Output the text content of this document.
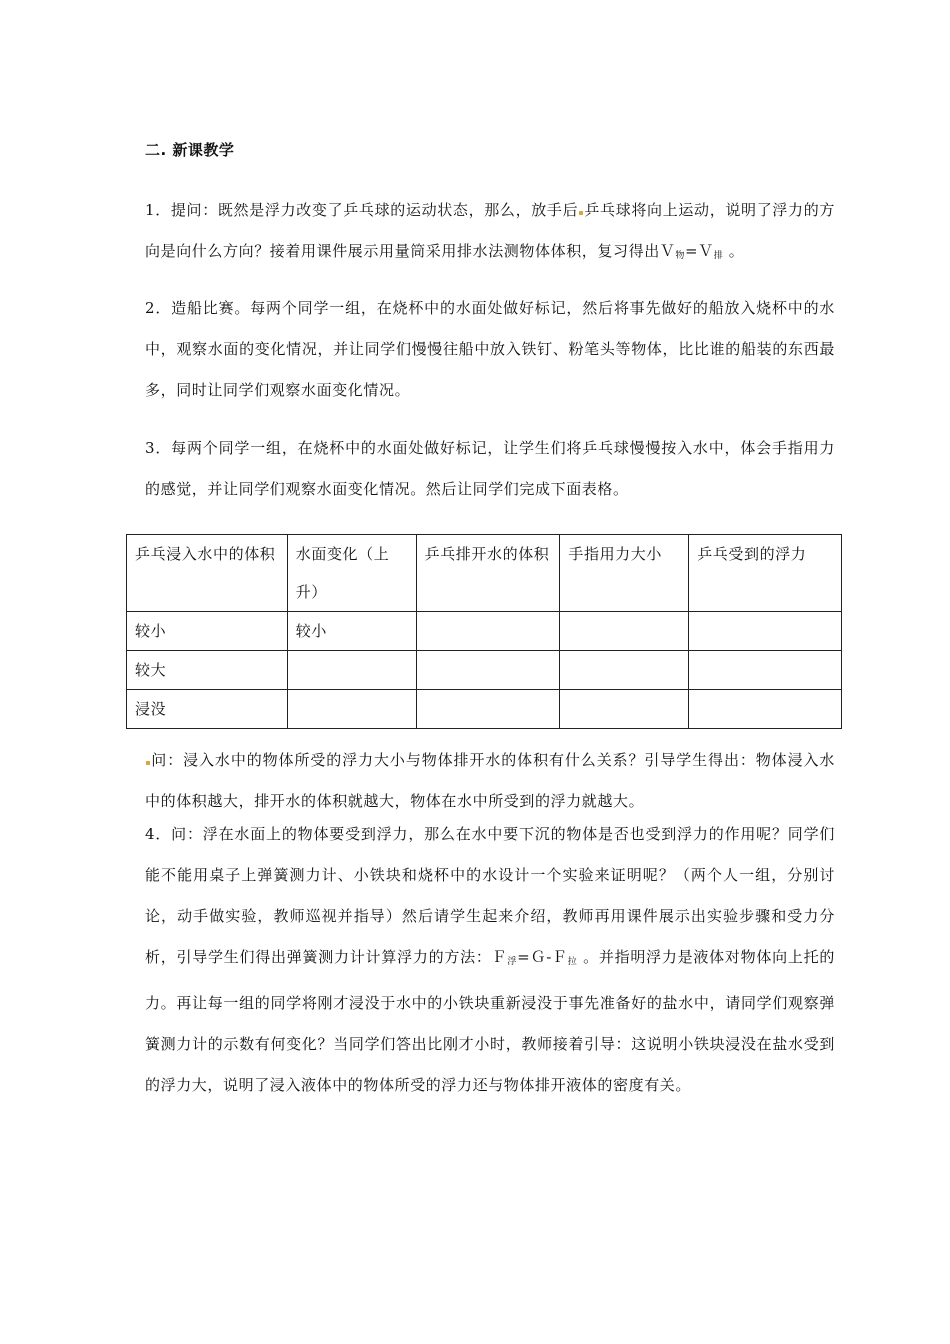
二. 新课教学
1．提问：既然是浮力改变了乒乓球的运动状态，那么，放手后 乒乓球将向上运动，说明了浮力的方向是向什么方向？接着用课件展示用量筒采用排水法测物体体积，复习得出Ｖ$_物$=Ｖ$_排$ 。
2．造船比赛。每两个同学一组，在烧杯中的水面处做好标记，然后将事先做好的船放入烧杯中的水中，观察水面的变化情况，并让同学们慢慢往船中放入铁钉、粉笔头等物体，比比谁的船装的东西最多，同时让同学们观察水面变化情况。
3．每两个同学一组，在烧杯中的水面处做好标记，让学生们将乒乓球慢慢按入水中，体会手指用力的感觉，并让同学们观察水面变化情况。然后让同学们完成下面表格。
乒乓浸入水中的体积	水面变化（上升）	乒乓排开水的体积	手指用力大小	乒乓受到的浮力
较小	较小			
较大				
浸没				
问：浸入水中的物体所受的浮力大小与物体排开水的体积有什么关系？引导学生得出：物体浸入水中的体积越大，排开水的体积就越大，物体在水中所受到的浮力就越大。
4．问：浮在水面上的物体要受到浮力，那么在水中要下沉的物体是否也受到浮力的作用呢？同学们能不能用桌子上弹簧测力计、小铁块和烧杯中的水设计一个实验来证明呢？（两个人一组，分别讨论，动手做实验，教师巡视并指导）然后请学生起来介绍，教师再用课件展示出实验步骤和受力分析，引导学生们得出弹簧测力计计算浮力的方法：Ｆ$_浮$=Ｇ-Ｆ$_拉$ 。并指明浮力是液体对物体向上托的力。再让每一组的同学将刚才浸没于水中的小铁块重新浸没于事先准备好的盐水中，请同学们观察弹簧测力计的示数有何变化？当同学们答出比刚才小时，教师接着引导：这说明小铁块浸没在盐水受到的浮力大，说明了浸入液体中的物体所受的浮力还与物体排开液体的密度有关。
